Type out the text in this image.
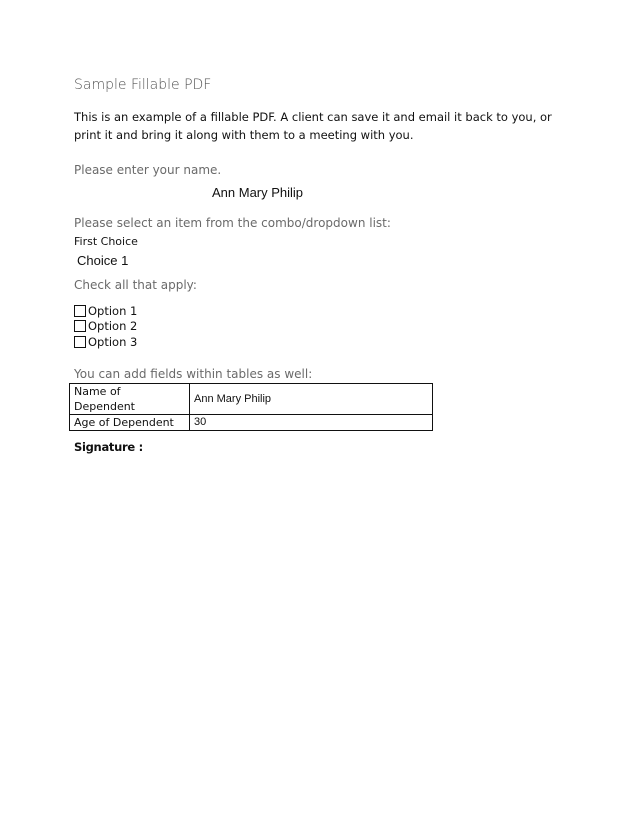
Sample Fillable PDF
This is an example of a fillable PDF. A client can save it and email it back to you, or print it and bring it along with them to a meeting with you.
Please enter your name.
Ann Mary Philip
Please select an item from the combo/dropdown list:
First Choice
Choice 1
Check all that apply:
Option 1
Option 2
Option 3
You can add fields within tables as well:
Name of Dependent	Ann Mary Philip
Age of Dependent	30
Signature :
